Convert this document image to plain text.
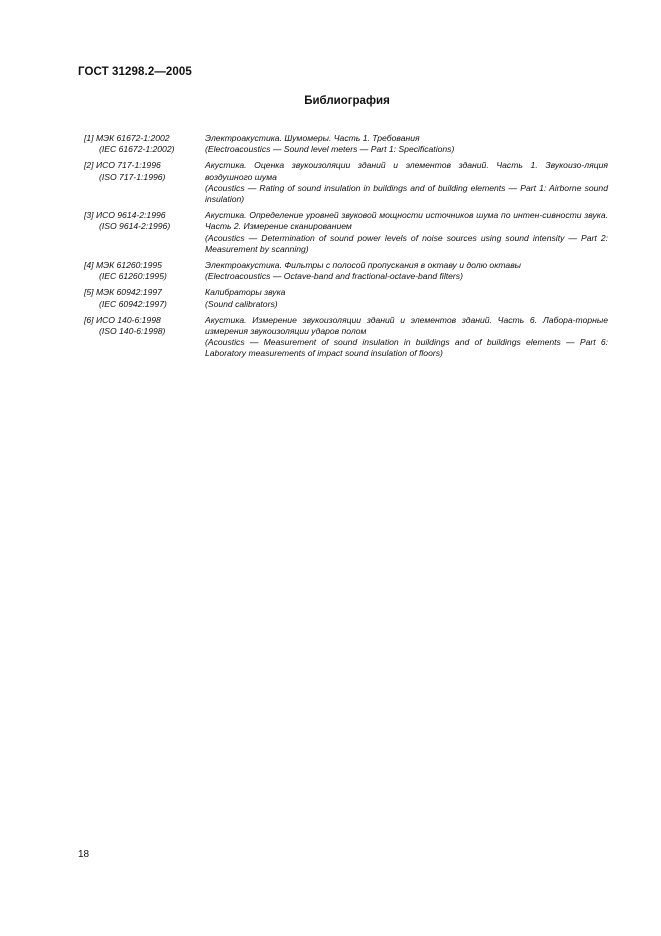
ГОСТ 31298.2—2005
Библиография
[1] МЭК 61672-1:2002
(IEC 61672-1:2002)
Электроакустика. Шумомеры. Часть 1. Требования
(Electroacoustics — Sound level meters — Part 1: Specifications)
[2] ИСО 717-1:1996
(ISO 717-1:1996)
Акустика. Оценка звукоизоляции зданий и элементов зданий. Часть 1. Звукоизо-ляция воздушного шума
(Acoustics — Rating of sound insulation in buildings and of building elements — Part 1: Airborne sound insulation)
[3] ИСО 9614-2:1996
(ISO 9614-2:1996)
Акустика. Определение уровней звуковой мощности источников шума по интен-сивности звука. Часть 2. Измерение сканированием
(Acoustics — Determination of sound power levels of noise sources using sound intensity — Part 2: Measurement by scanning)
[4] МЭК 61260:1995
(IEC 61260:1995)
Электроакустика. Фильтры с полосой пропускания в октаву и долю октавы
(Electroacoustics — Octave-band and fractional-octave-band filters)
[5] МЭК 60942:1997
(IEC 60942:1997)
Калибраторы звука
(Sound calibrators)
[6] ИСО 140-6:1998
(ISO 140-6:1998)
Акустика. Измерение звукоизоляции зданий и элементов зданий. Часть 6. Лабора-торные измерения звукоизоляции ударов полом
(Acoustics — Measurement of sound insulation in buildings and of buildings elements — Part 6: Laboratory measurements of impact sound insulation of floors)
18
